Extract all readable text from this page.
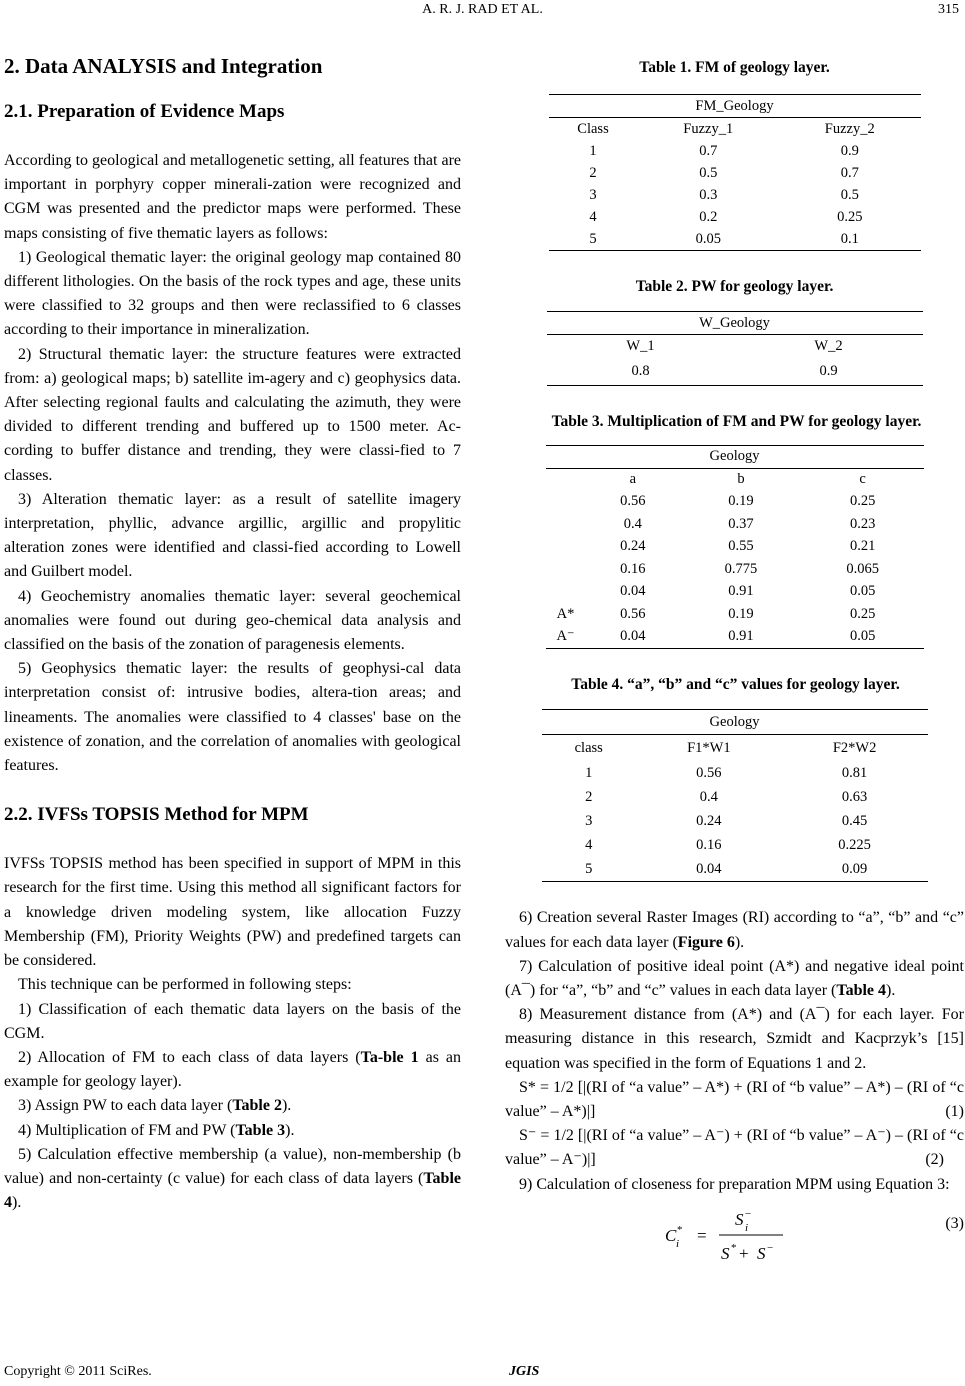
A. R. J. RAD ET AL.	315
2. Data ANALYSIS and Integration
2.1. Preparation of Evidence Maps

According to geological and metallogenetic setting, all features that are important in porphyry copper minerali-zation were recognized and CGM was presented and the predictor maps were performed. These maps consisting of five thematic layers as follows:

1) Geological thematic layer: the original geology map contained 80 different lithologies. On the basis of the rock types and age, these units were classified to 32 groups and then were reclassified to 6 classes according to their importance in mineralization.

2) Structural thematic layer: the structure features were extracted from: a) geological maps; b) satellite im-agery and c) geophysics data. After selecting regional faults and calculating the azimuth, they were divided to different trending and buffered up to 1500 meter. Ac-cording to buffer distance and trending, they were classi-fied to 7 classes.

3) Alteration thematic layer: as a result of satellite imagery interpretation, phyllic, advance argillic, argillic and propylitic alteration zones were identified and classi-fied according to Lowell and Guilbert model.

4) Geochemistry anomalies thematic layer: several geochemical anomalies were found out during geo-chemical data analysis and classified on the basis of the zonation of paragenesis elements.

5) Geophysics thematic layer: the results of geophysi-cal data interpretation consist of: intrusive bodies, altera-tion areas; and lineaments. The anomalies were classified to 4 classes' base on the existence of zonation, and the correlation of anomalies with geological features.

2.2. IVFSs TOPSIS Method for MPM

IVFSs TOPSIS method has been specified in support of MPM in this research for the first time. Using this method all significant factors for a knowledge driven modeling system, like allocation Fuzzy Membership (FM), Priority Weights (PW) and predefined targets can be considered.

This technique can be performed in following steps:

1) Classification of each thematic data layers on the basis of the CGM.

2) Allocation of FM to each class of data layers (Ta-ble 1 as an example for geology layer).

3) Assign PW to each data layer (Table 2).

4) Multiplication of FM and PW (Table 3).

5) Calculation effective membership (a value), non-membership (b value) and non-certainty (c value) for each class of data layers (Table 4).

Table 1. FM of geology layer.

FM_Geology		
Class	Fuzzy_1	Fuzzy_2
1	0.7	0.9
2	0.5	0.7
3	0.3	0.5
4	0.2	0.25
5	0.05	0.1

Table 2. PW for geology layer.

W_Geology	
W_1	W_2
0.8	0.9

Table 3. Multiplication of FM and PW for geology layer.

Geology			
	a	b	c
	0.56	0.19	0.25
	0.4	0.37	0.23
	0.24	0.55	0.21
	0.16	0.775	0.065
	0.04	0.91	0.05
A*	0.56	0.19	0.25
A⁻	0.04	0.91	0.05

Table 4. “a”, “b” and “c” values for geology layer.

Geology		
class	F1*W1	F2*W2
1	0.56	0.81
2	0.4	0.63
3	0.24	0.45
4	0.16	0.225
5	0.04	0.09

6) Creation several Raster Images (RI) according to “a”, “b” and “c” values for each data layer (Figure 6).

7) Calculation of positive ideal point (A*) and negative ideal point (A¯) for “a”, “b” and “c” values in each data layer (Table 4).

8) Measurement distance from (A*) and (A¯) for each layer. For measuring distance in this research, Szmidt and Kacprzyk’s [15] equation was specified in the form of Equations 1 and 2.

S* = 1/2 [|(RI of “a value” – A*) + (RI of “b value” – A*) – (RI of “c value” – A*)|]	(1)

S⁻ = 1/2 [|(RI of “a value” – A⁻) + (RI of “b value” – A⁻) – (RI of “c value” – A⁻)|]	(2)

9) Calculation of closeness for preparation MPM using Equation 3:

C *
i =
S −
i
S * + S −
(3)
Copyright © 2011 SciRes.	JGIS
